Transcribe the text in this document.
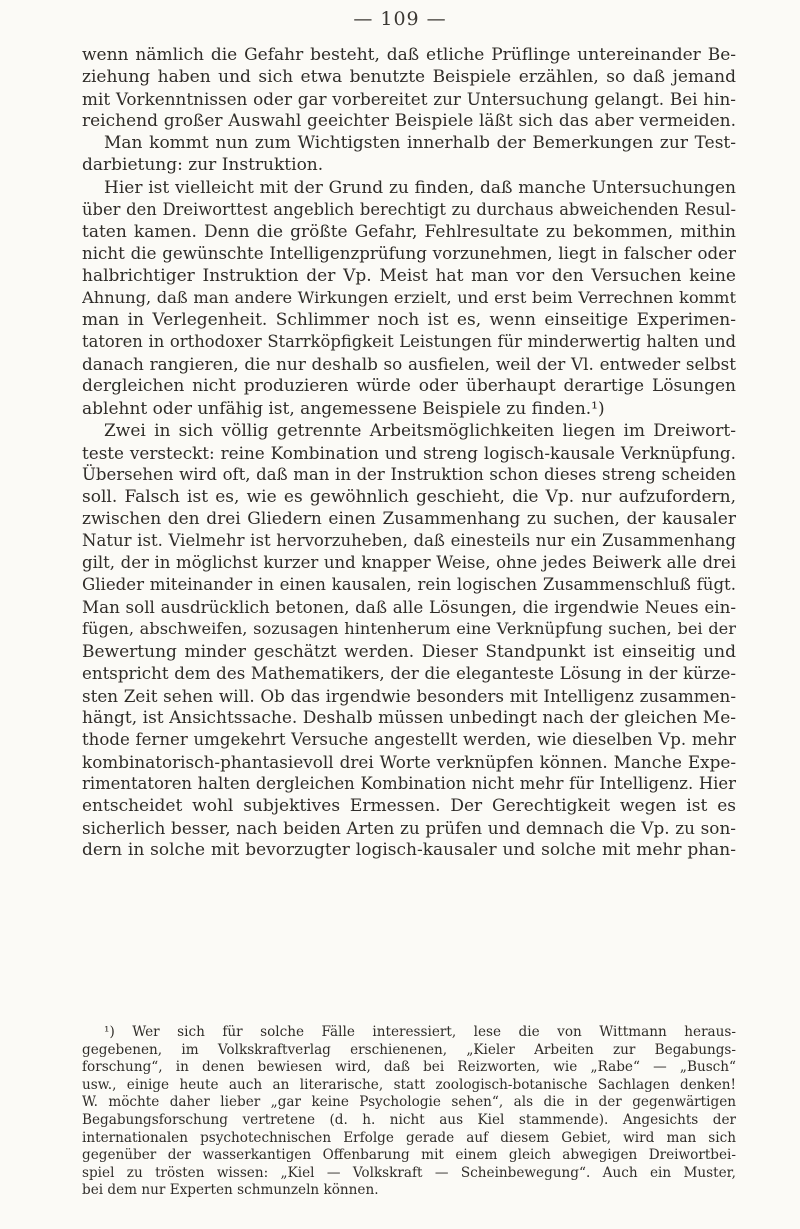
— 109 —
wenn nämlich die Gefahr besteht, daß etliche Prüflinge untereinander Be-
ziehung haben und sich etwa benutzte Beispiele erzählen, so daß jemand
mit Vorkenntnissen oder gar vorbereitet zur Untersuchung gelangt. Bei hin-
reichend großer Auswahl geeichter Beispiele läßt sich das aber vermeiden.
Man kommt nun zum Wichtigsten innerhalb der Bemerkungen zur Test-
darbietung: zur Instruktion.
Hier ist vielleicht mit der Grund zu finden, daß manche Untersuchungen
über den Dreiworttest angeblich berechtigt zu durchaus abweichenden Resul-
taten kamen. Denn die größte Gefahr, Fehlresultate zu bekommen, mithin
nicht die gewünschte Intelligenzprüfung vorzunehmen, liegt in falscher oder
halbrichtiger Instruktion der Vp. Meist hat man vor den Versuchen keine
Ahnung, daß man andere Wirkungen erzielt, und erst beim Verrechnen kommt
man in Verlegenheit. Schlimmer noch ist es, wenn einseitige Experimen-
tatoren in orthodoxer Starrköpfigkeit Leistungen für minderwertig halten und
danach rangieren, die nur deshalb so ausfielen, weil der Vl. entweder selbst
dergleichen nicht produzieren würde oder überhaupt derartige Lösungen
ablehnt oder unfähig ist, angemessene Beispiele zu finden.¹)
Zwei in sich völlig getrennte Arbeitsmöglichkeiten liegen im Dreiwort-
teste versteckt: reine Kombination und streng logisch-kausale Verknüpfung.
Übersehen wird oft, daß man in der Instruktion schon dieses streng scheiden
soll. Falsch ist es, wie es gewöhnlich geschieht, die Vp. nur aufzufordern,
zwischen den drei Gliedern einen Zusammenhang zu suchen, der kausaler
Natur ist. Vielmehr ist hervorzuheben, daß einesteils nur ein Zusammenhang
gilt, der in möglichst kurzer und knapper Weise, ohne jedes Beiwerk alle drei
Glieder miteinander in einen kausalen, rein logischen Zusammenschluß fügt.
Man soll ausdrücklich betonen, daß alle Lösungen, die irgendwie Neues ein-
fügen, abschweifen, sozusagen hintenherum eine Verknüpfung suchen, bei der
Bewertung minder geschätzt werden. Dieser Standpunkt ist einseitig und
entspricht dem des Mathematikers, der die eleganteste Lösung in der kürze-
sten Zeit sehen will. Ob das irgendwie besonders mit Intelligenz zusammen-
hängt, ist Ansichtssache. Deshalb müssen unbedingt nach der gleichen Me-
thode ferner umgekehrt Versuche angestellt werden, wie dieselben Vp. mehr
kombinatorisch-phantasievoll drei Worte verknüpfen können. Manche Expe-
rimentatoren halten dergleichen Kombination nicht mehr für Intelligenz. Hier
entscheidet wohl subjektives Ermessen. Der Gerechtigkeit wegen ist es
sicherlich besser, nach beiden Arten zu prüfen und demnach die Vp. zu son-
dern in solche mit bevorzugter logisch-kausaler und solche mit mehr phan-
¹) Wer sich für solche Fälle interessiert, lese die von Wittmann heraus-
gegebenen, im Volkskraftverlag erschienenen, „Kieler Arbeiten zur Begabungs-
forschung“, in denen bewiesen wird, daß bei Reizworten, wie „Rabe“ — „Busch“
usw., einige heute auch an literarische, statt zoologisch-botanische Sachlagen denken!
W. möchte daher lieber „gar keine Psychologie sehen“, als die in der gegenwärtigen
Begabungsforschung vertretene (d. h. nicht aus Kiel stammende). Angesichts der
internationalen psychotechnischen Erfolge gerade auf diesem Gebiet, wird man sich
gegenüber der wasserkantigen Offenbarung mit einem gleich abwegigen Dreiwortbei-
spiel zu trösten wissen: „Kiel — Volkskraft — Scheinbewegung“. Auch ein Muster,
bei dem nur Experten schmunzeln können.
